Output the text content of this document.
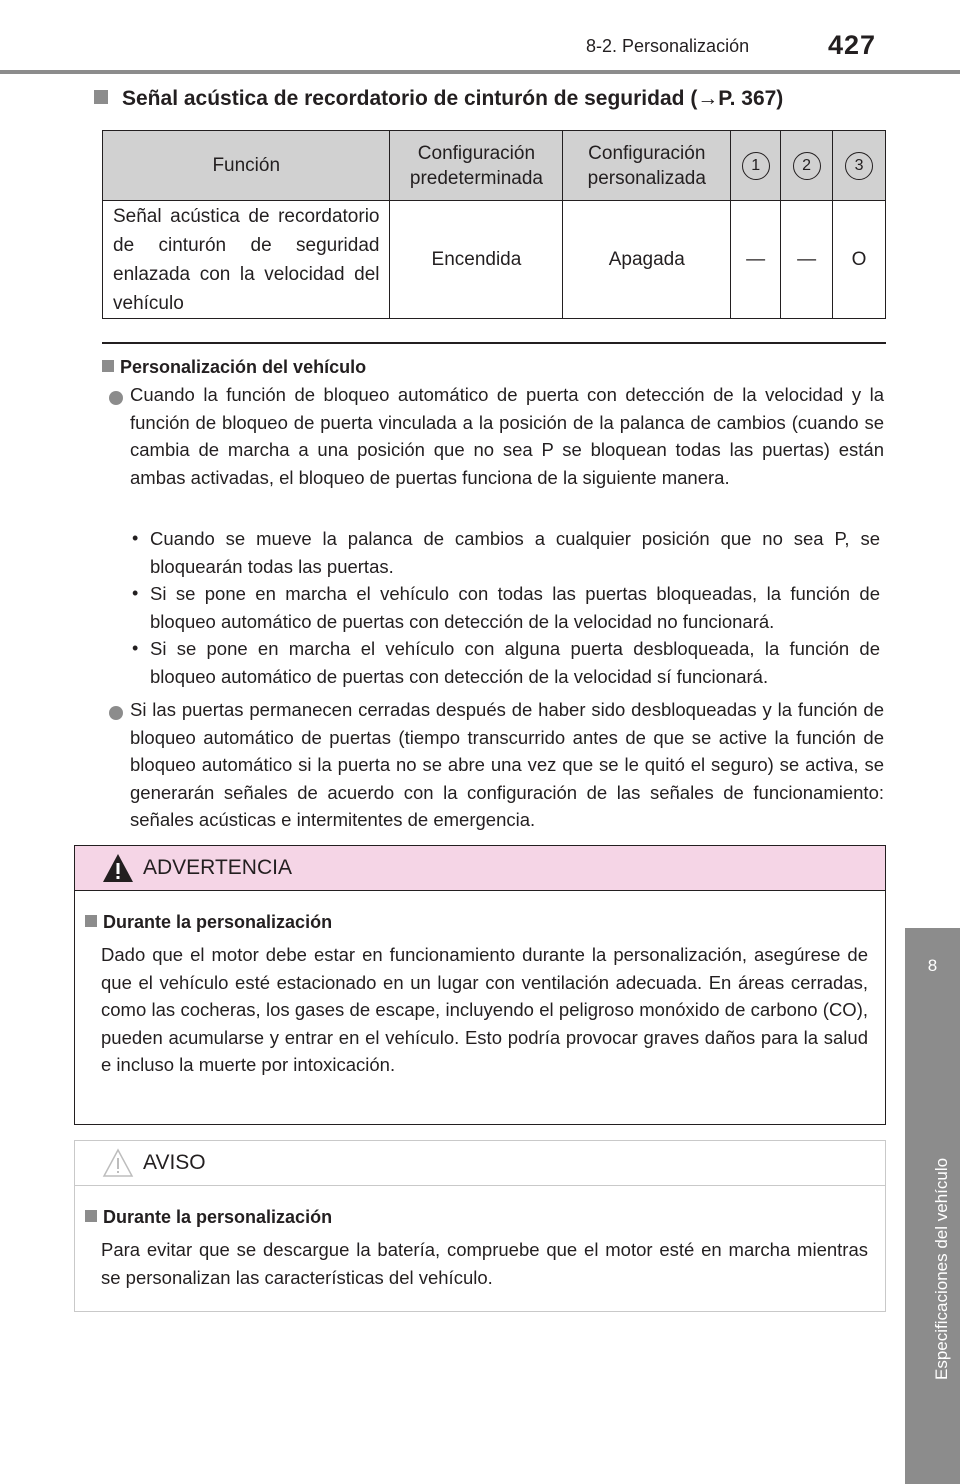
8-2. Personalización	427
8
Especificaciones del vehículo
Señal acústica de recordatorio de cinturón de seguridad (→P. 367)
Función	Configuración predeterminada	Configuración personalizada	1	2	3
Señal acústica de recordatorio de cinturón de seguridad enlazada con la velocidad del vehículo	Encendida	Apagada	—	—	O
Personalización del vehículo
Cuando la función de bloqueo automático de puerta con detección de la velocidad y la función de bloqueo de puerta vinculada a la posición de la palanca de cambios (cuando se cambia de marcha a una posición que no sea P se bloquean todas las puertas) están ambas activadas, el bloqueo de puertas funciona de la siguiente manera.
• Cuando se mueve la palanca de cambios a cualquier posición que no sea P, se bloquearán todas las puertas.
• Si se pone en marcha el vehículo con todas las puertas bloqueadas, la función de bloqueo automático de puertas con detección de la velocidad no funcionará.
• Si se pone en marcha el vehículo con alguna puerta desbloqueada, la función de bloqueo automático de puertas con detección de la velocidad sí funcionará.
Si las puertas permanecen cerradas después de haber sido desbloqueadas y la función de bloqueo automático de puertas (tiempo transcurrido antes de que se active la función de bloqueo automático si la puerta no se abre una vez que se le quitó el seguro) se activa, se generarán señales de acuerdo con la configuración de las señales de funcionamiento: señales acústicas e intermitentes de emergencia.
ADVERTENCIA
Durante la personalización
Dado que el motor debe estar en funcionamiento durante la personalización, asegúrese de que el vehículo esté estacionado en un lugar con ventilación adecuada. En áreas cerradas, como las cocheras, los gases de escape, incluyendo el peligroso monóxido de carbono (CO), pueden acumularse y entrar en el vehículo. Esto podría provocar graves daños para la salud e incluso la muerte por intoxicación.
AVISO
Durante la personalización
Para evitar que se descargue la batería, compruebe que el motor esté en marcha mientras se personalizan las características del vehículo.
